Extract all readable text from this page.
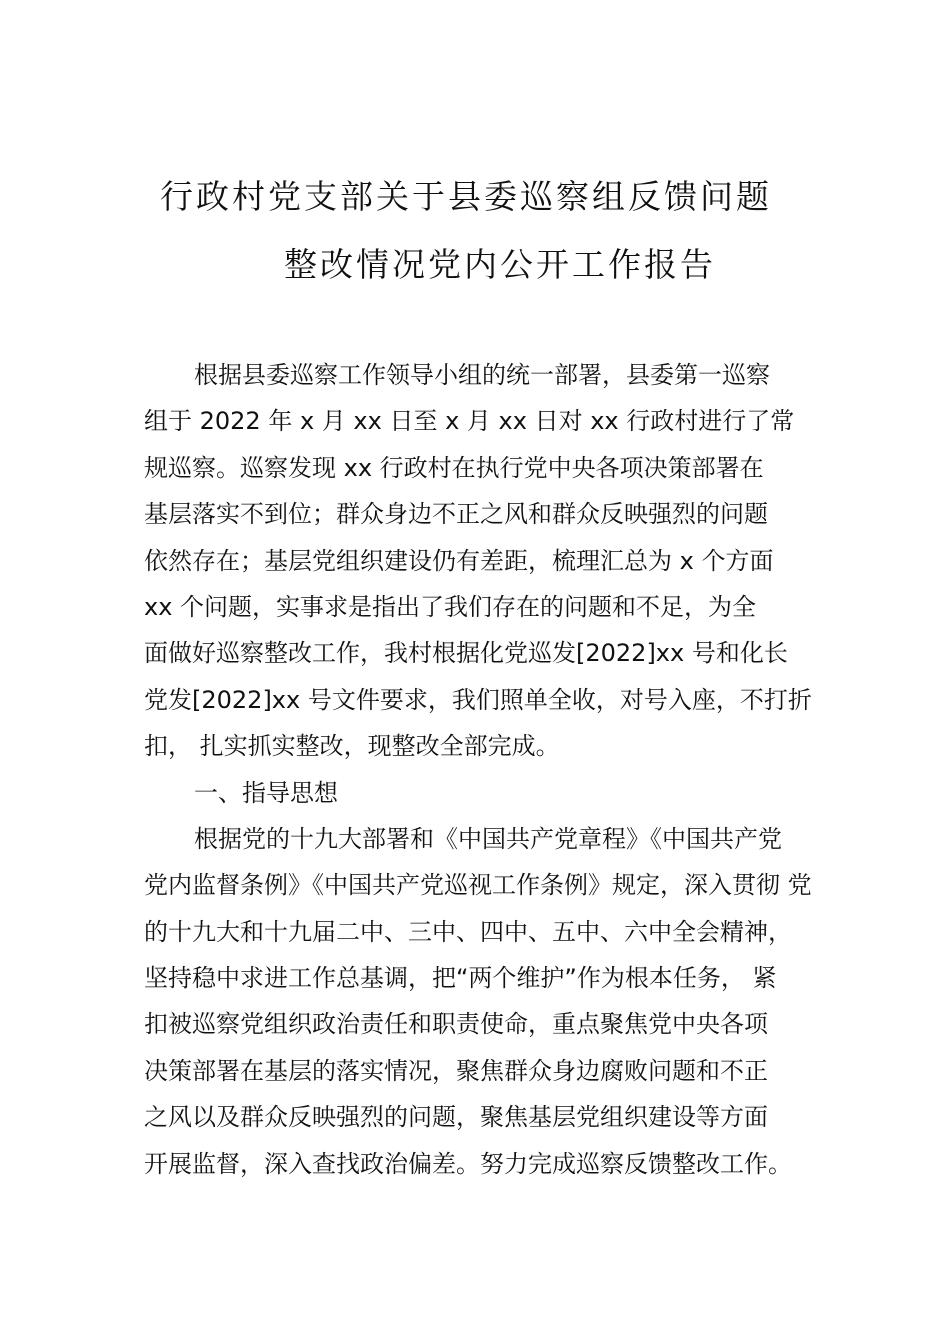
行政村党支部关于县委巡察组反馈问题
整改情况党内公开工作报告
根据县委巡察工作领导小组的统一部署，县委第一巡察
组于 2022 年 x 月 xx 日至 x 月 xx 日对 xx 行政村进行了常
规巡察。巡察发现 xx 行政村在执行党中央各项决策部署在
基层落实不到位；群众身边不正之风和群众反映强烈的问题
依然存在；基层党组织建设仍有差距，梳理汇总为 x 个方面
xx 个问题，实事求是指出了我们存在的问题和不足，为全
面做好巡察整改工作，我村根据化党巡发[2022]xx 号和化长
党发[2022]xx 号文件要求，我们照单全收，对号入座，不打折
扣， 扎实抓实整改，现整改全部完成。
一、指导思想
根据党的十九大部署和《中国共产党章程》《中国共产党
党内监督条例》《中国共产党巡视工作条例》规定，深入贯彻 党
的十九大和十九届二中、三中、四中、五中、六中全会精神，
坚持稳中求进工作总基调，把“两个维护”作为根本任务， 紧
扣被巡察党组织政治责任和职责使命，重点聚焦党中央各项
决策部署在基层的落实情况，聚焦群众身边腐败问题和不正
之风以及群众反映强烈的问题，聚焦基层党组织建设等方面
开展监督，深入查找政治偏差。努力完成巡察反馈整改工作。
